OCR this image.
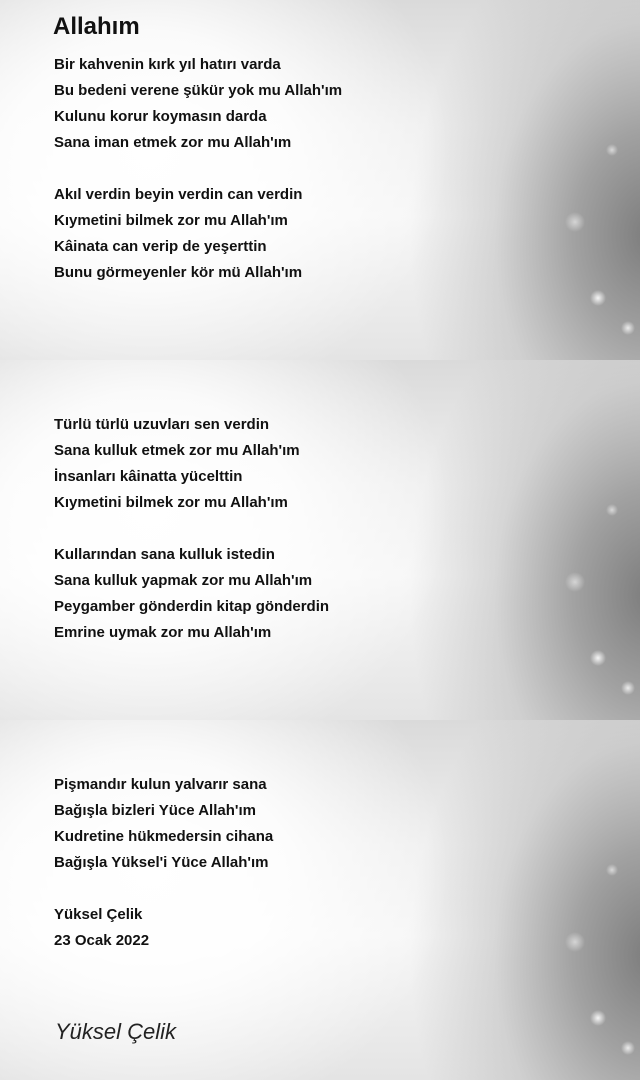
Allahım
Bir kahvenin kırk yıl hatırı varda
Bu bedeni verene şükür yok mu Allah'ım
Kulunu korur koymasın darda
Sana iman etmek zor mu Allah'ım
Akıl verdin beyin verdin can verdin
Kıymetini bilmek zor mu Allah'ım
Kâinata can verip de yeşerttin
Bunu görmeyenler kör mü Allah'ım
Türlü türlü uzuvları sen verdin
Sana kulluk etmek zor mu Allah'ım
İnsanları kâinatta yücelttin
Kıymetini bilmek zor mu Allah'ım
Kullarından sana kulluk istedin
Sana kulluk yapmak zor mu Allah'ım
Peygamber gönderdin kitap gönderdin
Emrine uymak zor mu Allah'ım
Pişmandır kulun yalvarır sana
Bağışla bizleri Yüce Allah'ım
Kudretine hükmedersin cihana
Bağışla Yüksel'i Yüce Allah'ım
Yüksel Çelik
23 Ocak 2022
Yüksel Çelik
